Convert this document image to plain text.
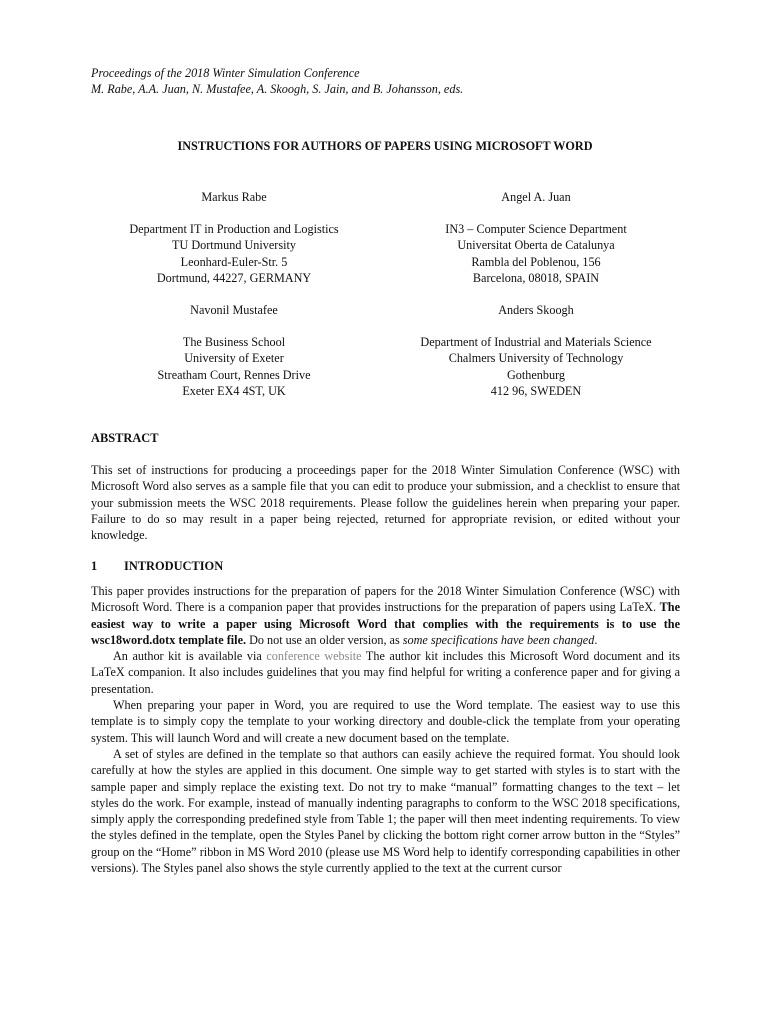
Proceedings of the 2018 Winter Simulation Conference
M. Rabe, A.A. Juan, N. Mustafee, A. Skoogh, S. Jain, and B. Johansson, eds.
INSTRUCTIONS FOR AUTHORS OF PAPERS USING MICROSOFT WORD
Markus Rabe
Department IT in Production and Logistics
TU Dortmund University
Leonhard-Euler-Str. 5
Dortmund, 44227, GERMANY
Angel A. Juan
IN3 – Computer Science Department
Universitat Oberta de Catalunya
Rambla del Poblenou, 156
Barcelona, 08018, SPAIN
Navonil Mustafee
The Business School
University of Exeter
Streatham Court, Rennes Drive
Exeter EX4 4ST, UK
Anders Skoogh
Department of Industrial and Materials Science
Chalmers University of Technology
Gothenburg
412 96, SWEDEN
ABSTRACT
This set of instructions for producing a proceedings paper for the 2018 Winter Simulation Conference (WSC) with Microsoft Word also serves as a sample file that you can edit to produce your submission, and a checklist to ensure that your submission meets the WSC 2018 requirements. Please follow the guidelines herein when preparing your paper. Failure to do so may result in a paper being rejected, returned for appropriate revision, or edited without your knowledge.
1 INTRODUCTION
This paper provides instructions for the preparation of papers for the 2018 Winter Simulation Conference (WSC) with Microsoft Word. There is a companion paper that provides instructions for the preparation of papers using LaTeX. The easiest way to write a paper using Microsoft Word that complies with the requirements is to use the wsc18word.dotx template file. Do not use an older version, as some specifications have been changed.
An author kit is available via conference website The author kit includes this Microsoft Word document and its LaTeX companion. It also includes guidelines that you may find helpful for writing a conference paper and for giving a presentation.
When preparing your paper in Word, you are required to use the Word template. The easiest way to use this template is to simply copy the template to your working directory and double-click the template from your operating system. This will launch Word and will create a new document based on the template.
A set of styles are defined in the template so that authors can easily achieve the required format. You should look carefully at how the styles are applied in this document. One simple way to get started with styles is to start with the sample paper and simply replace the existing text. Do not try to make “manual” formatting changes to the text – let styles do the work. For example, instead of manually indenting paragraphs to conform to the WSC 2018 specifications, simply apply the corresponding predefined style from Table 1; the paper will then meet indenting requirements. To view the styles defined in the template, open the Styles Panel by clicking the bottom right corner arrow button in the “Styles” group on the “Home” ribbon in MS Word 2010 (please use MS Word help to identify corresponding capabilities in other versions). The Styles panel also shows the style currently applied to the text at the current cursor
